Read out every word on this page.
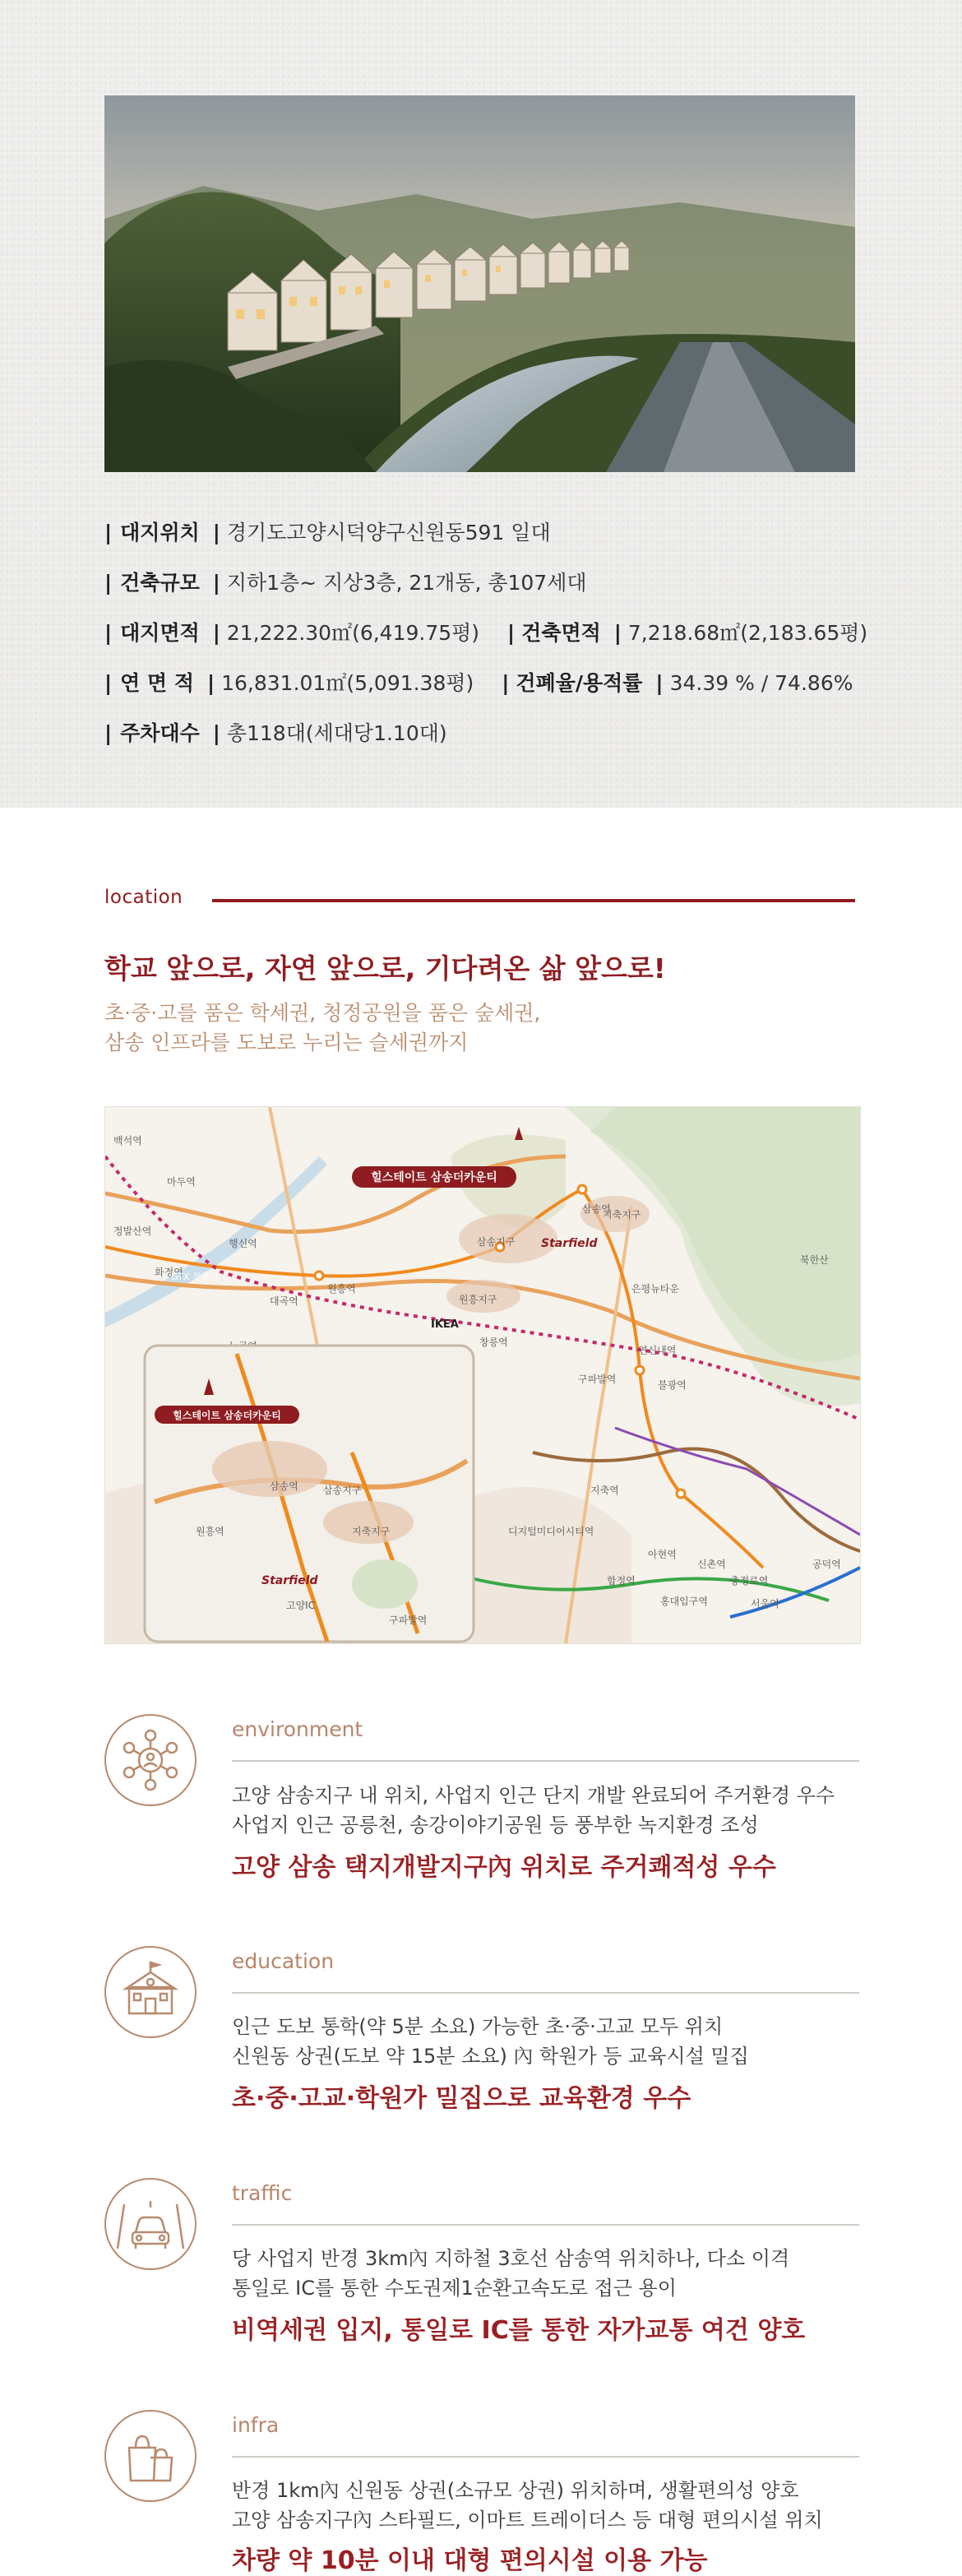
| 대지위치 | 경기도고양시덕양구신원동591 일대
| 건축규모 | 지하1층~ 지상3층, 21개동, 총107세대
| 대지면적 | 21,222.30㎡(6,419.75평) | 건축면적 | 7,218.68㎡(2,183.65평)
| 연 면 적 | 16,831.01㎡(5,091.38평) | 건폐율/용적률 | 34.39 % / 74.86%
| 주차대수 | 총118대(세대당1.10대)
location
학교 앞으로, 자연 앞으로, 기다려온 삶 앞으로!
초·중·고를 품은 학세권, 청정공원을 품은 숲세권,
삼송 인프라를 도보로 누리는 슬세권까지
힐스테이트 삼송더카운티
삼송지구
지축지구
원흥지구
IKEA
Starfield
연신내역
불광역
은평뉴타운
삼송역
북한산
홍대입구역	서울역
충정로역
신촌역	공덕역
디지털미디어시티역
합정역
아현역
구파발역
지축역
원흥역
화정역
대곡역
백석역
마두역
정발산역
행신역
창릉역
GTX 창릉역
힐스테이트 삼송더카운티
삼송지구
지축지구
Starfield
구파발역
삼송역
원흥역
고양IC
environment
고양 삼송지구 내 위치, 사업지 인근 단지 개발 완료되어 주거환경 우수
사업지 인근 공릉천, 송강이야기공원 등 풍부한 녹지환경 조성
고양 삼송 택지개발지구內 위치로 주거쾌적성 우수
education
인근 도보 통학(약 5분 소요) 가능한 초·중·고교 모두 위치
신원동 상권(도보 약 15분 소요) 內 학원가 등 교육시설 밀집
초·중·고교·학원가 밀집으로 교육환경 우수
traffic
당 사업지 반경 3km內 지하철 3호선 삼송역 위치하나, 다소 이격
통일로 IC를 통한 수도권제1순환고속도로 접근 용이
비역세권 입지, 통일로 IC를 통한 자가교통 여건 양호
infra
반경 1km內 신원동 상권(소규모 상권) 위치하며, 생활편의성 양호
고양 삼송지구內 스타필드, 이마트 트레이더스 등 대형 편의시설 위치
차량 약 10분 이내 대형 편의시설 이용 가능
